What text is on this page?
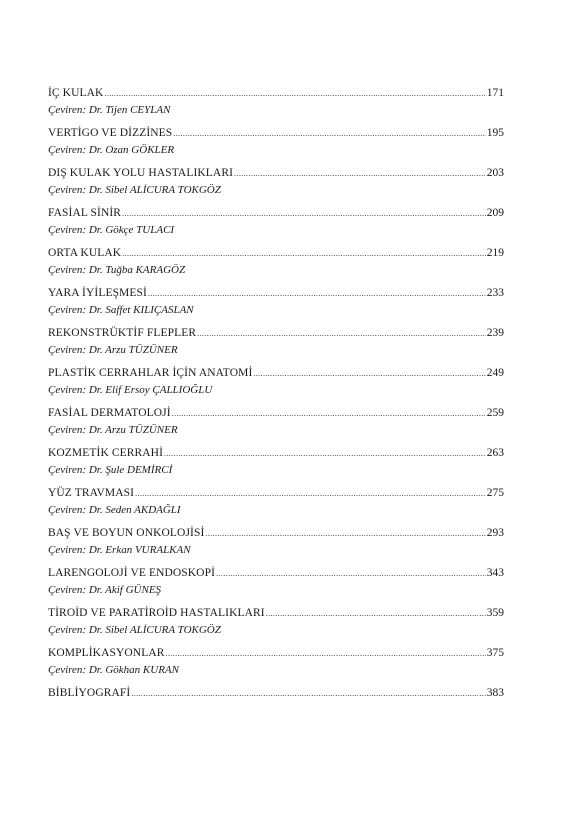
İÇ KULAK .....	171
Çeviren: Dr. Tijen CEYLAN
VERTİGO VE DİZZİNES .....	195
Çeviren: Dr. Ozan GÖKLER
DIŞ KULAK YOLU HASTALIKLARI .....	203
Çeviren: Dr. Sibel ALİCURA TOKGÖZ
FASİAL SİNİR .....	209
Çeviren: Dr. Gökçe TULACI
ORTA KULAK .....	219
Çeviren: Dr. Tuğba KARAGÖZ
YARA İYİLEŞMESİ .....	233
Çeviren: Dr. Saffet KILIÇASLAN
REKONSTRÜKTİF FLEPLER .....	239
Çeviren: Dr. Arzu TÜZÜNER
PLASTİK CERRAHLAR İÇİN ANATOMİ .....	249
Çeviren: Dr. Elif Ersoy ÇALLIOĞLU
FASİAL DERMATOLOJİ .....	259
Çeviren: Dr. Arzu TÜZÜNER
KOZMETİK CERRAHİ .....	263
Çeviren: Dr. Şule DEMİRCİ
YÜZ TRAVMASI .....	275
Çeviren: Dr. Seden AKDAĞLI
BAŞ VE BOYUN ONKOLOJİSİ .....	293
Çeviren: Dr. Erkan VURALKAN
LARENGOLOJİ VE ENDOSKOPİ .....	343
Çeviren: Dr. Akif GÜNEŞ
TİROİD VE PARATİROİD HASTALIKLARI .....	359
Çeviren: Dr. Sibel ALİCURA TOKGÖZ
KOMPLİKASYONLAR .....	375
Çeviren: Dr. Gökhan KURAN
BİBLİYOGRAFİ .....	383
